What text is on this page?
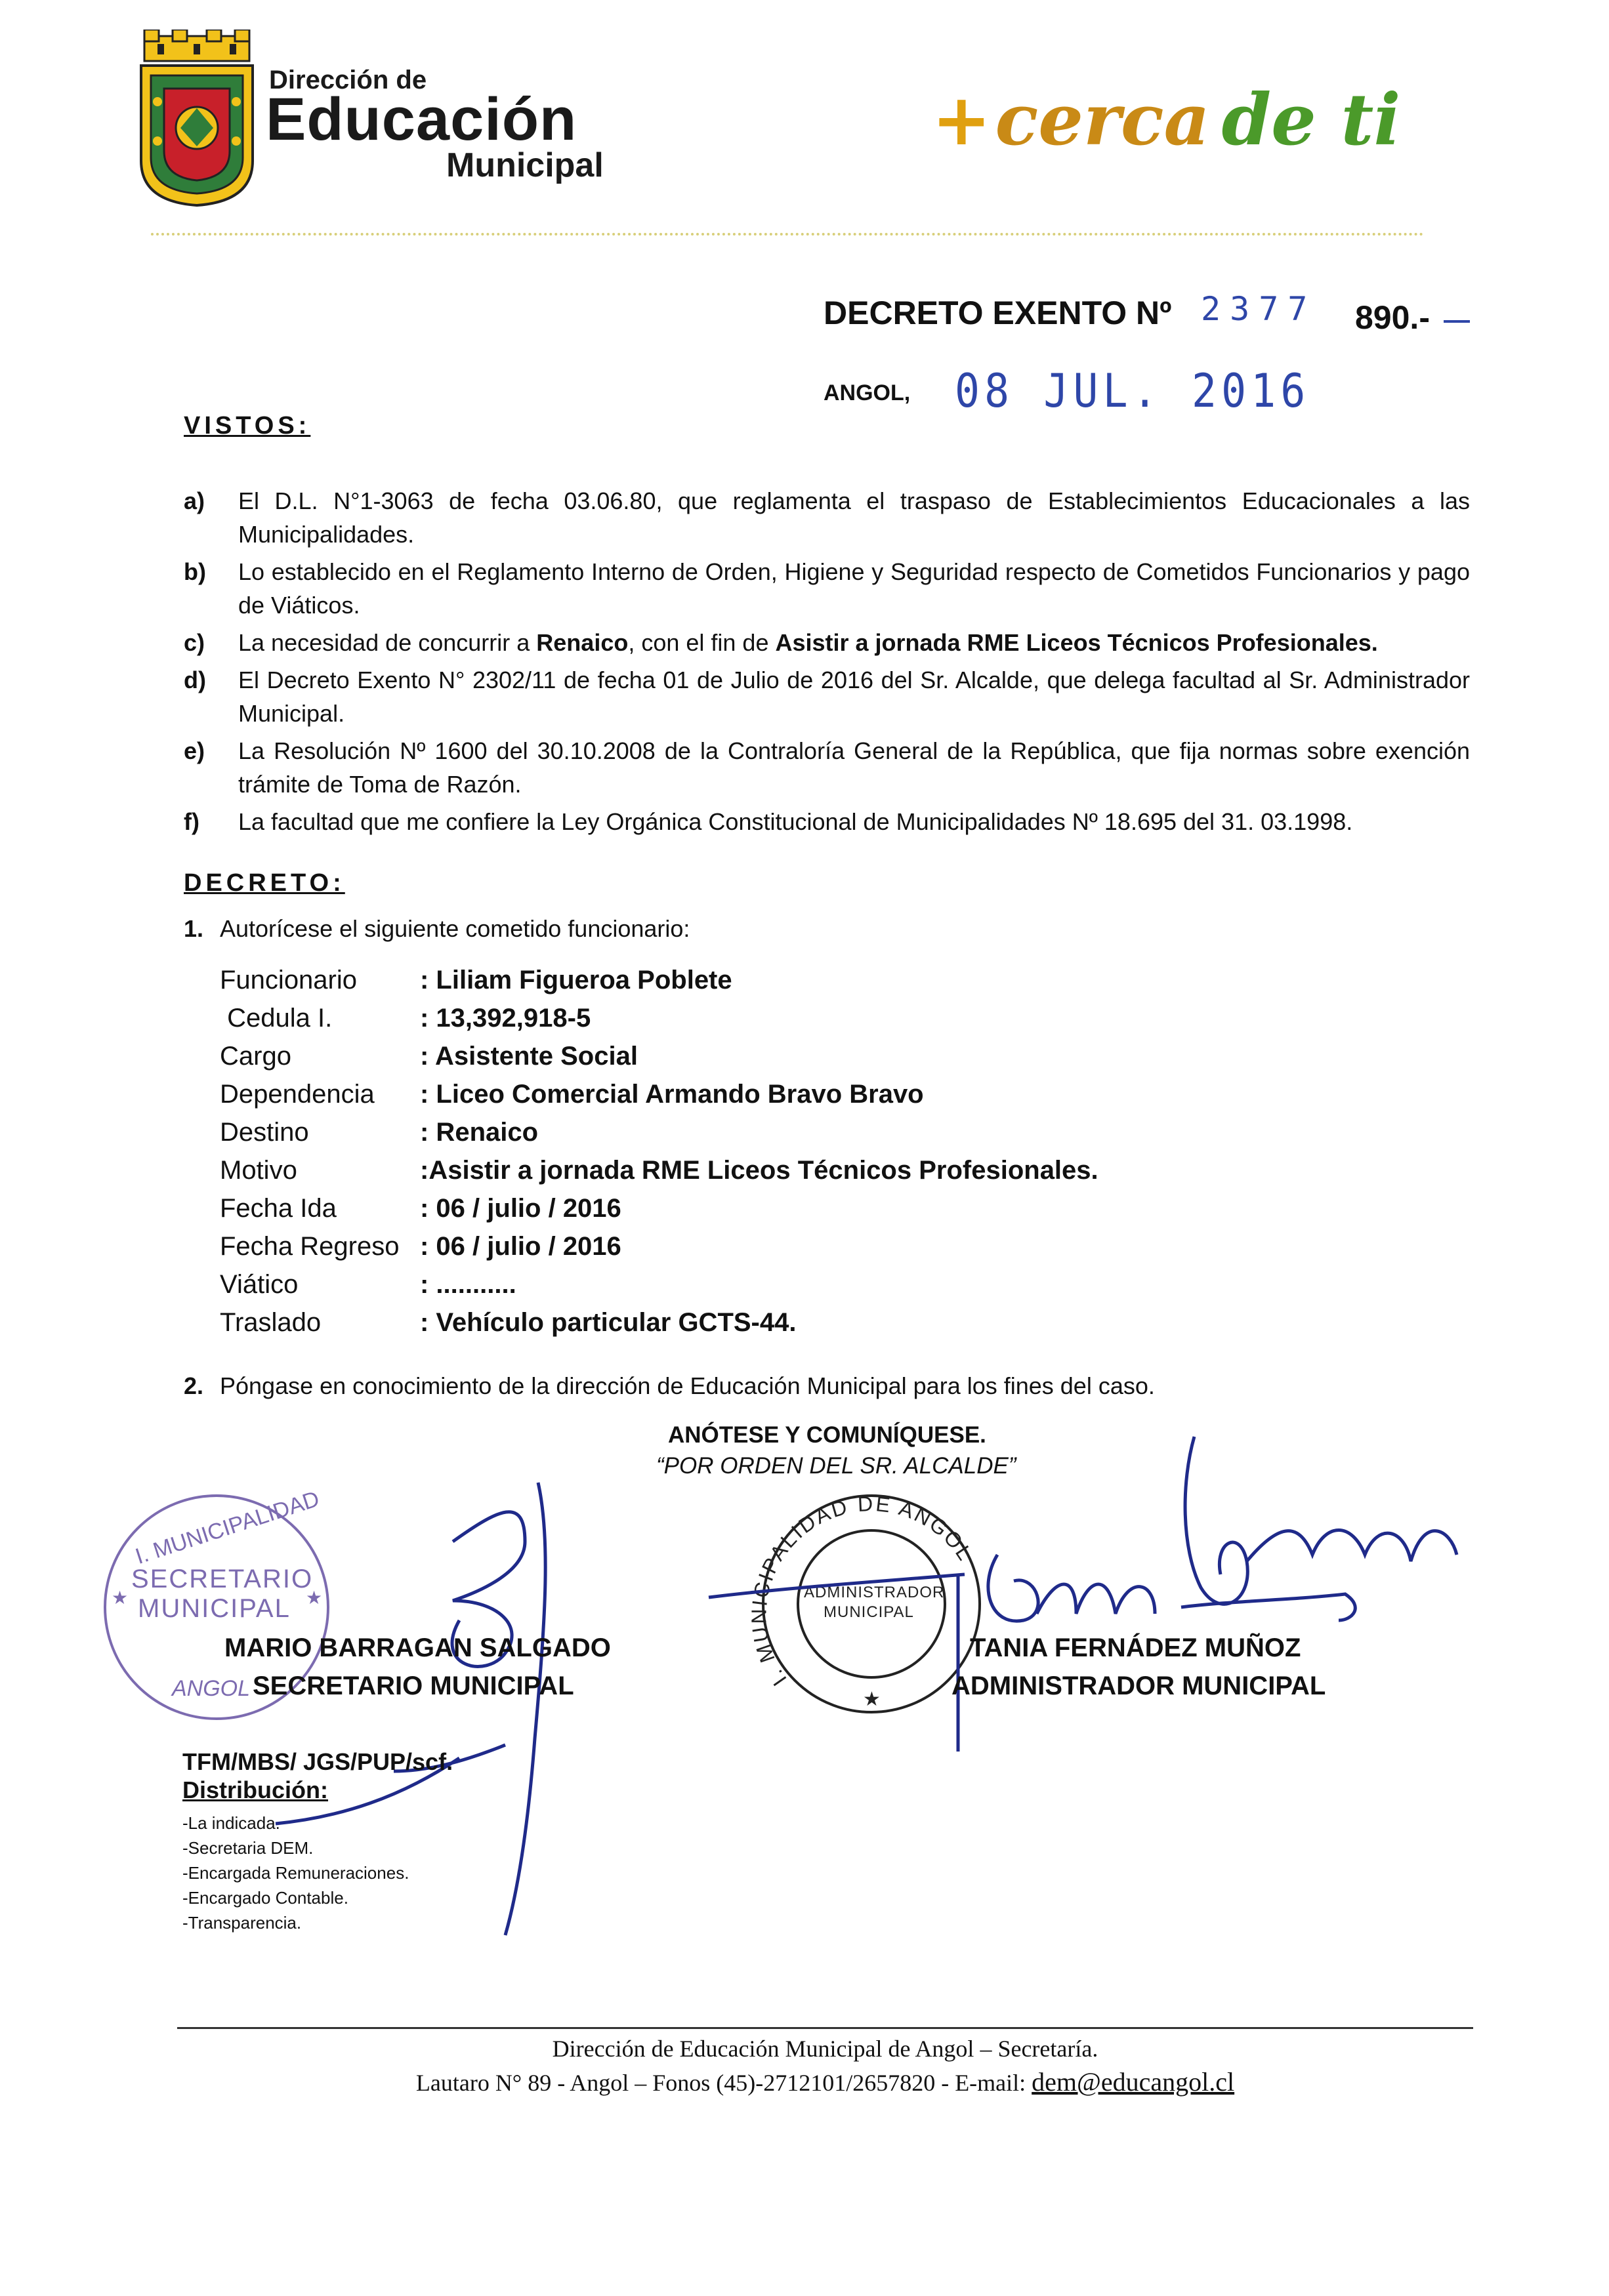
Dirección de
Educación
Municipal
+cerca de ti
DECRETO EXENTO Nº 2377 890.-
ANGOL, 08 JUL. 2016
VISTOS:
a)	El D.L. N°1-3063 de fecha 03.06.80, que reglamenta el traspaso de Establecimientos Educacionales a las Municipalidades.
b)	Lo establecido en el Reglamento Interno de Orden, Higiene y Seguridad respecto de Cometidos Funcionarios y pago de Viáticos.
c)	La necesidad de concurrir a Renaico, con el fin de Asistir a jornada RME Liceos Técnicos Profesionales.
d)	El Decreto Exento N° 2302/11 de fecha 01 de Julio de 2016 del Sr. Alcalde, que delega facultad al Sr. Administrador Municipal.
e)	La Resolución Nº 1600 del 30.10.2008 de la Contraloría General de la República, que fija normas sobre exención trámite de Toma de Razón.
f)	La facultad que me confiere la Ley Orgánica Constitucional de Municipalidades Nº 18.695 del 31. 03.1998.
DECRETO:
1. Autorícese el siguiente cometido funcionario:
Funcionario	: Liliam Figueroa Poblete
Cedula I.	: 13,392,918-5
Cargo	: Asistente Social
Dependencia	: Liceo Comercial Armando Bravo Bravo
Destino	: Renaico
Motivo	:Asistir a jornada RME Liceos Técnicos Profesionales.
Fecha Ida	: 06 / julio / 2016
Fecha Regreso : 06 / julio / 2016
Viático	: ...........
Traslado	: Vehículo particular GCTS-44.
2. Póngase en conocimiento de la dirección de Educación Municipal para los fines del caso.
ANÓTESE Y COMUNÍQUESE.
“POR ORDEN DEL SR. ALCALDE”
I. MUNICIPALIDAD
SECRETARIO
MUNICIPAL
ANGOL
★	★
I. MUNICIPALIDAD DE ANGOL
ADMINISTRADOR
MUNICIPAL
★
MARIO BARRAGAN SALGADO
SECRETARIO MUNICIPAL
TANIA FERNÁDEZ MUÑOZ
ADMINISTRADOR MUNICIPAL
TFM/MBS/ JGS/PUP/scf.
Distribución:
-La indicada.
-Secretaria DEM.
-Encargada Remuneraciones.
-Encargado Contable.
-Transparencia.
Dirección de Educación Municipal de Angol – Secretaría.
Lautaro N° 89 - Angol – Fonos (45)-2712101/2657820 - E-mail: dem@educangol.cl
